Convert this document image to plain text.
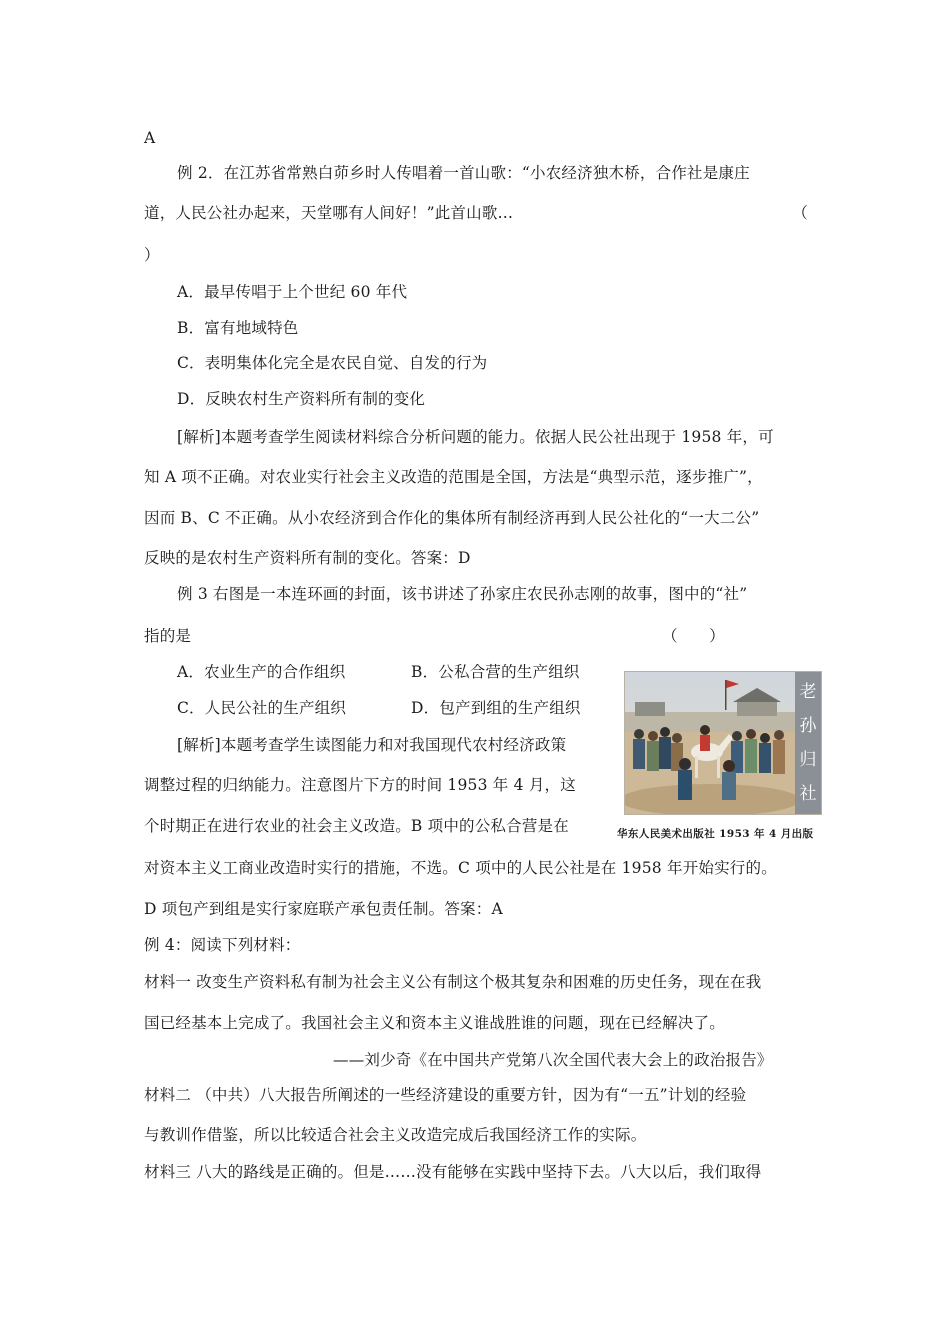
A
例 2．在江苏省常熟白茆乡时人传唱着一首山歌：“小农经济独木桥，合作社是康庄
道，人民公社办起来，天堂哪有人间好！”此首山歌…	（
）
A．最早传唱于上个世纪 60 年代
B．富有地域特色
C．表明集体化完全是农民自觉、自发的行为
D．反映农村生产资料所有制的变化
[解析]本题考查学生阅读材料综合分析问题的能力。依据人民公社出现于 1958 年，可
知 A 项不正确。对农业实行社会主义改造的范围是全国，方法是“典型示范，逐步推广”，
因而 B、C 不正确。从小农经济到合作化的集体所有制经济再到人民公社化的“一大二公”
反映的是农村生产资料所有制的变化。答案：D
例 3 右图是一本连环画的封面，该书讲述了孙家庄农民孙志刚的故事，图中的“社”
指的是	（　　）
A．农业生产的合作组织	B．公私合营的生产组织
C．人民公社的生产组织	D．包产到组的生产组织
[解析]本题考查学生读图能力和对我国现代农村经济政策
调整过程的归纳能力。注意图片下方的时间 1953 年 4 月，这
个时期正在进行农业的社会主义改造。B 项中的公私合营是在
对资本主义工商业改造时实行的措施，不选。C 项中的人民公社是在 1958 年开始实行的。
D 项包产到组是实行家庭联产承包责任制。答案：A
老
孙
归
社
华东人民美术出版社 1953 年 4 月出版
例 4：阅读下列材料：
材料一 改变生产资料私有制为社会主义公有制这个极其复杂和困难的历史任务，现在在我
国已经基本上完成了。我国社会主义和资本主义谁战胜谁的问题，现在已经解决了。
——刘少奇《在中国共产党第八次全国代表大会上的政治报告》
材料二 （中共）八大报告所阐述的一些经济建设的重要方针，因为有“一五”计划的经验
与教训作借鉴，所以比较适合社会主义改造完成后我国经济工作的实际。
材料三 八大的路线是正确的。但是……没有能够在实践中坚持下去。八大以后，我们取得
